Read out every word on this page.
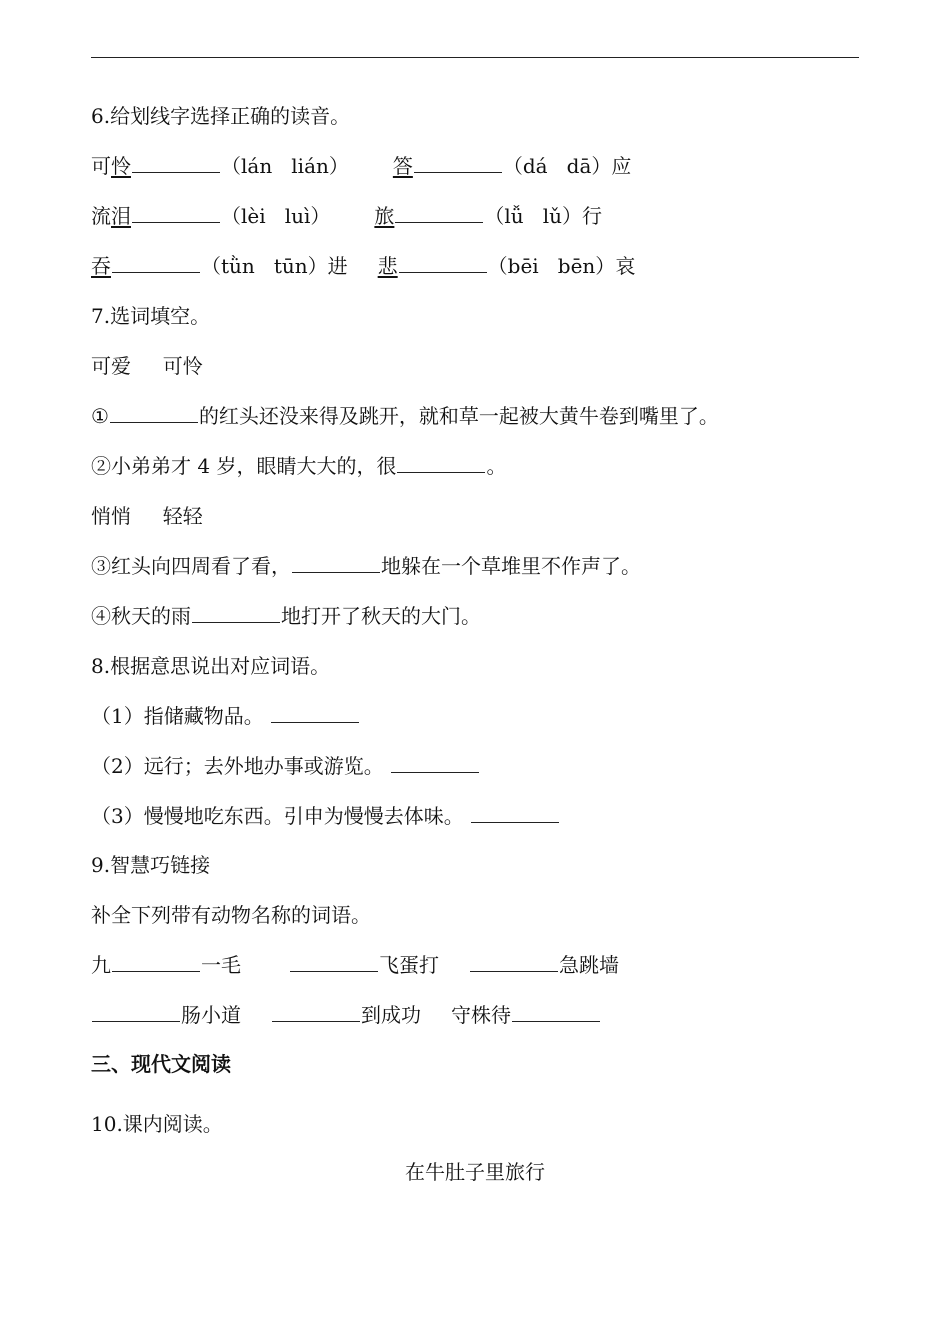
6.给划线字选择正确的读音。
可怜	（lán   lián） 答	（dá   dā）应
流泪	（lèi   luì） 旅	（lǚ   lǔ）行
吞	（tǜn   tūn）进 悲	（bēi   bēn）哀
7.选词填空。
可爱     可怜
①	的红头还没来得及跳开，就和草一起被大黄牛卷到嘴里了。
②小弟弟才 4 岁，眼睛大大的，很	。
悄悄     轻轻
③红头向四周看了看，	地躲在一个草堆里不作声了。
④秋天的雨	地打开了秋天的大门。
8.根据意思说出对应词语。
（1）指储藏物品。
（2）远行；去外地办事或游览。
（3）慢慢地吃东西。引申为慢慢去体味。
9.智慧巧链接
补全下列带有动物名称的词语。
九	一毛	飞蛋打	急跳墙
肠小道	到成功 守株待
三、现代文阅读
10.课内阅读。
在牛肚子里旅行
